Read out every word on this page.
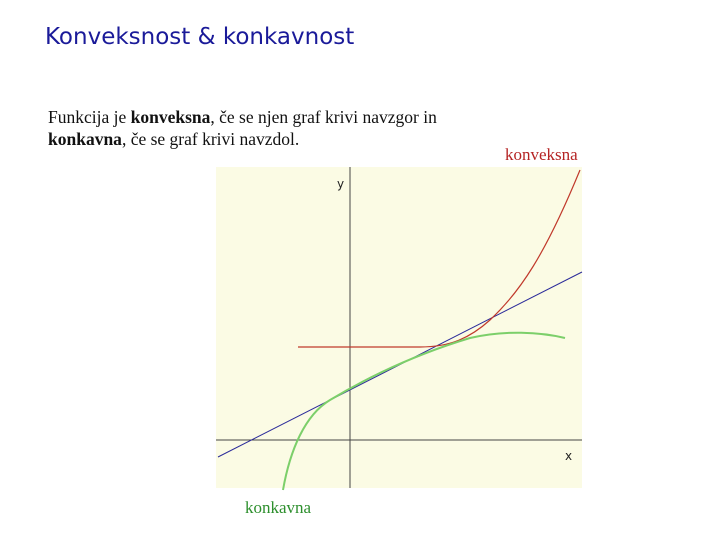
Konveksnost & konkavnost
Funkcija je konveksna, če se njen graf krivi navzgor in konkavna, če se graf krivi navzdol.
y
x
konveksna
konkavna
